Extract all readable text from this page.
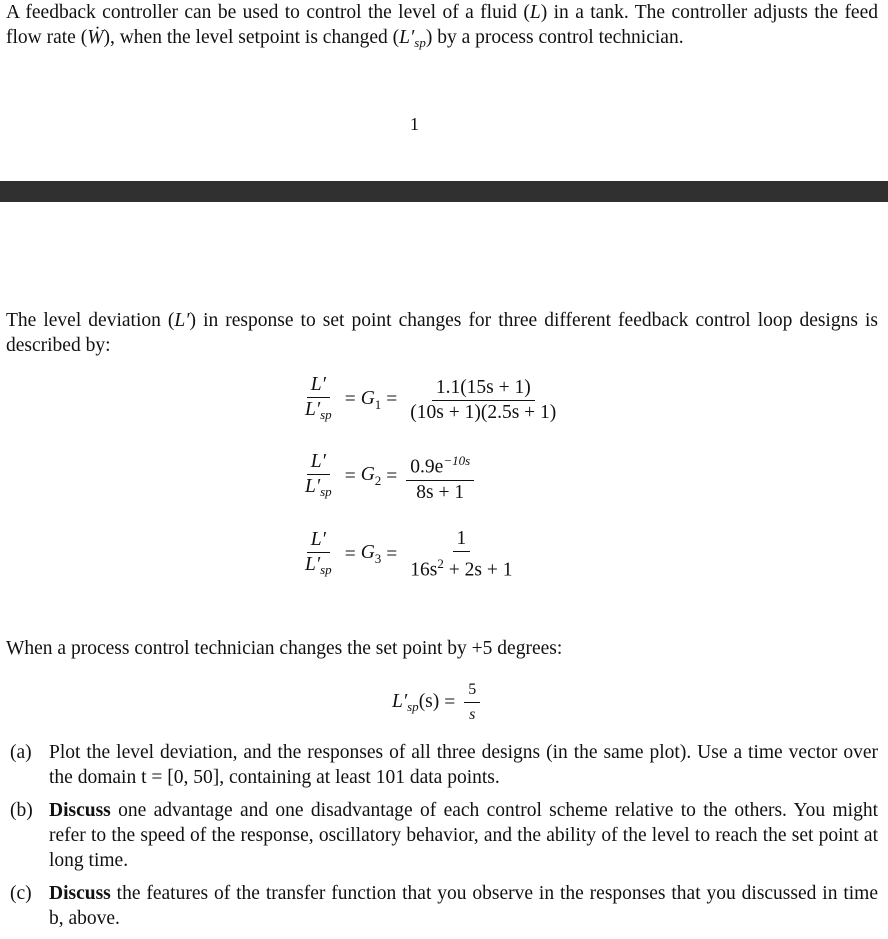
A feedback controller can be used to control the level of a fluid (L) in a tank. The controller adjusts the feed flow rate (Ẇ), when the level setpoint is changed $(L'_{sp})$ by a process control technician.
1
The level deviation (L′) in response to set point changes for three different feedback control loop designs is described by:
$\frac{L'}{L'_{sp}} = G_1 = \frac{1.1(15s + 1)}{(10s + 1)(2.5s + 1)}$
$\frac{L'}{L'_{sp}} = G_2 = \frac{0.9e^{-10s}}{8s + 1}$
$\frac{L'}{L'_{sp}} = G_3 = \frac{1}{16s^2 + 2s + 1}$
When a process control technician changes the set point by +5 degrees:
$L'_{sp}(s) = \frac{5}{s}$
(a) Plot the level deviation, and the responses of all three designs (in the same plot). Use a time vector over the domain t = [0, 50], containing at least 101 data points.
(b) Discuss one advantage and one disadvantage of each control scheme relative to the others. You might refer to the speed of the response, oscillatory behavior, and the ability of the level to reach the set point at long time.
(c) Discuss the features of the transfer function that you observe in the responses that you discussed in time b, above.
